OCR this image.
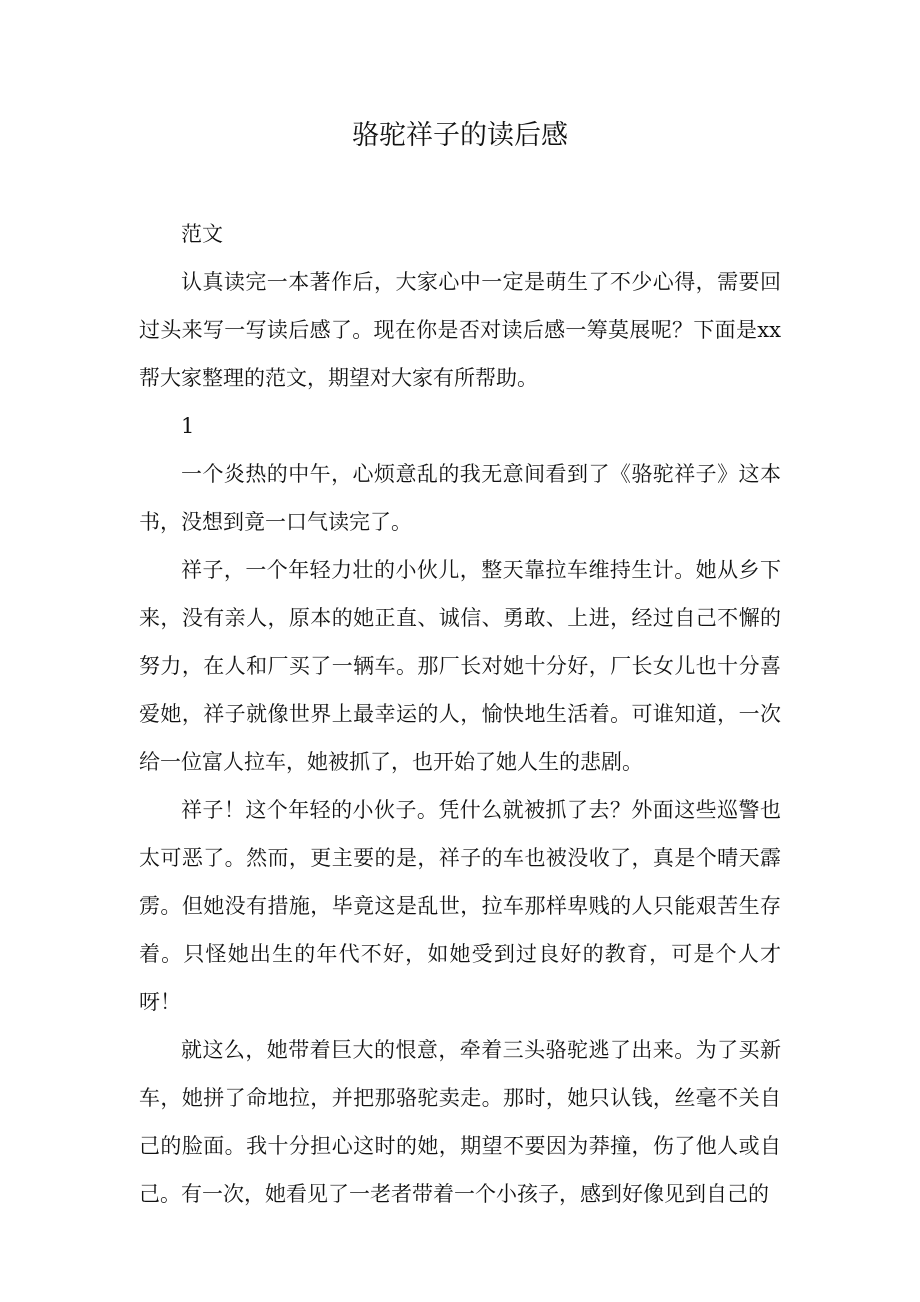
骆驼祥子的读后感

范文

认真读完一本著作后，大家心中一定是萌生了不少心得，需要回过头来写一写读后感了。现在你是否对读后感一筹莫展呢？下面是xx帮大家整理的范文，期望对大家有所帮助。

1

一个炎热的中午，心烦意乱的我无意间看到了《骆驼祥子》这本书，没想到竟一口气读完了。

祥子，一个年轻力壮的小伙儿，整天靠拉车维持生计。她从乡下来，没有亲人，原本的她正直、诚信、勇敢、上进，经过自己不懈的努力，在人和厂买了一辆车。那厂长对她十分好，厂长女儿也十分喜爱她，祥子就像世界上最幸运的人，愉快地生活着。可谁知道，一次给一位富人拉车，她被抓了，也开始了她人生的悲剧。

祥子！这个年轻的小伙子。凭什么就被抓了去？外面这些巡警也太可恶了。然而，更主要的是，祥子的车也被没收了，真是个晴天霹雳。但她没有措施，毕竟这是乱世，拉车那样卑贱的人只能艰苦生存着。只怪她出生的年代不好，如她受到过良好的教育，可是个人才呀！

就这么，她带着巨大的恨意，牵着三头骆驼逃了出来。为了买新车，她拼了命地拉，并把那骆驼卖走。那时，她只认钱，丝毫不关自己的脸面。我十分担心这时的她，期望不要因为莽撞，伤了他人或自己。有一次，她看见了一老者带着一个小孩子，感到好像见到自己的
